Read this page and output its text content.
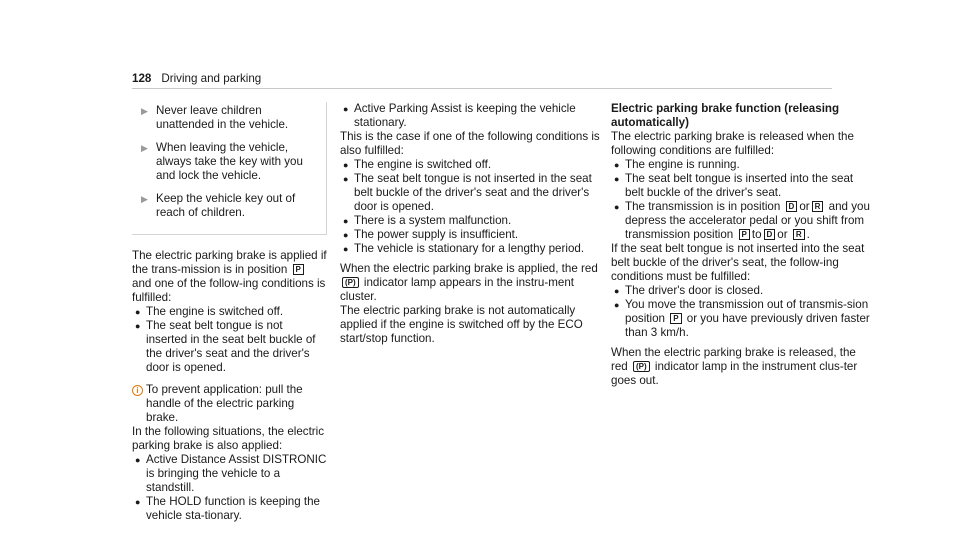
128 Driving and parking
▶ Never leave children unattended in the vehicle.
▶ When leaving the vehicle, always take the key with you and lock the vehicle.
▶ Keep the vehicle key out of reach of children.

The electric parking brake is applied if the trans-mission is in position P and one of the follow-ing conditions is fulfilled:

● The engine is switched off.
● The seat belt tongue is not inserted in the seat belt buckle of the driver's seat and the driver's door is opened.
i To prevent application: pull the handle of the electric parking brake.

In the following situations, the electric parking brake is also applied:

● Active Distance Assist DISTRONIC is bringing the vehicle to a standstill.
● The HOLD function is keeping the vehicle sta-tionary.
● Active Parking Assist is keeping the vehicle stationary.

This is the case if one of the following conditions is also fulfilled:

● The engine is switched off.
● The seat belt tongue is not inserted in the seat belt buckle of the driver's seat and the driver's door is opened.
● There is a system malfunction.
● The power supply is insufficient.
● The vehicle is stationary for a lengthy period.

When the electric parking brake is applied, the red (P) indicator lamp appears in the instru-ment cluster.

The electric parking brake is not automatically applied if the engine is switched off by the ECO start/stop function.

Electric parking brake function (releasing automatically)

The electric parking brake is released when the following conditions are fulfilled:

● The engine is running.
● The seat belt tongue is inserted into the seat belt buckle of the driver's seat.
● The transmission is in position D or R and you depress the accelerator pedal or you shift from transmission position P to D or R .

If the seat belt tongue is not inserted into the seat belt buckle of the driver's seat, the follow-ing conditions must be fulfilled:

● The driver's door is closed.
● You move the transmission out of transmis-sion position P or you have previously driven faster than 3 km/h.

When the electric parking brake is released, the red (P) indicator lamp in the instrument clus-ter goes out.
